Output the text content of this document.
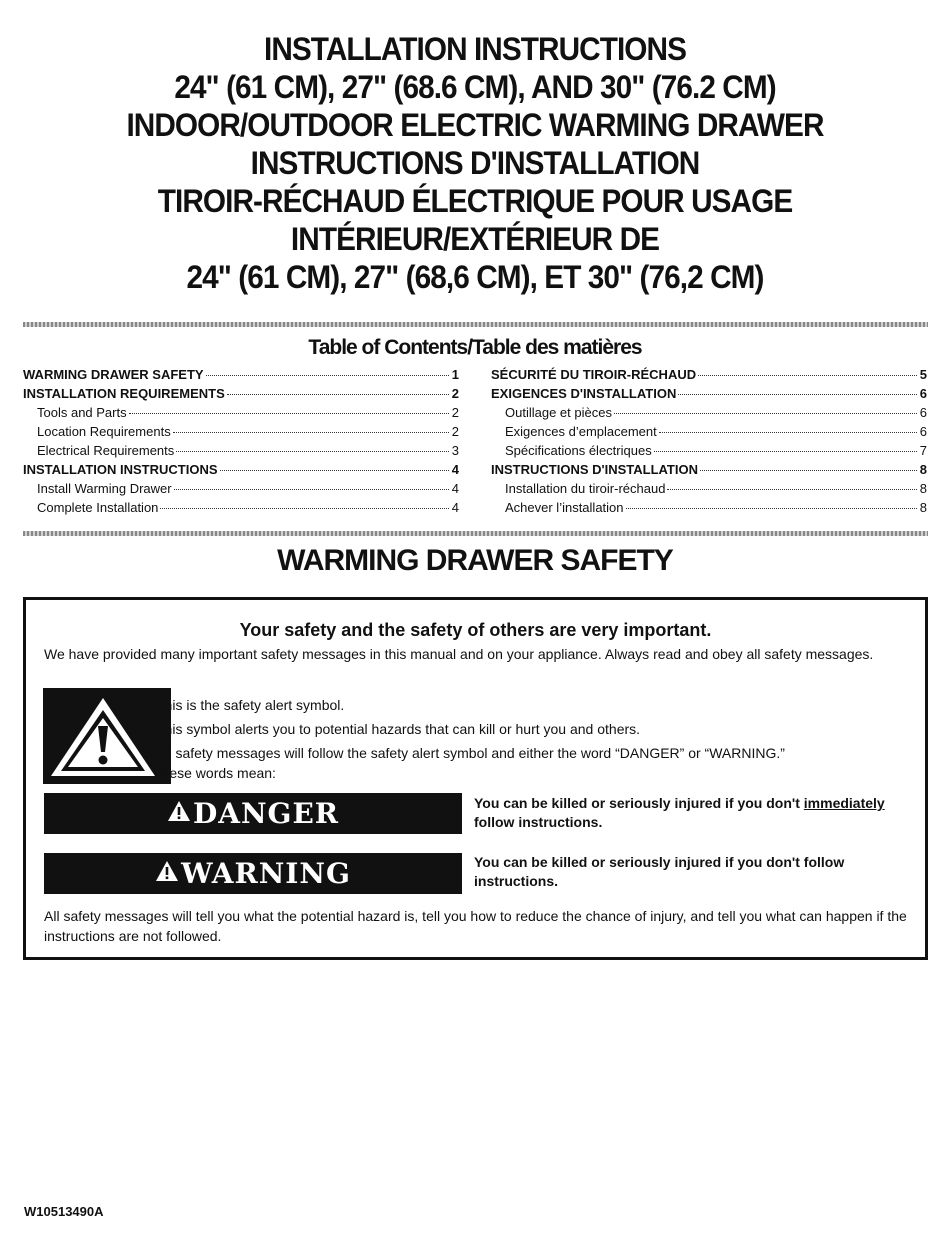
INSTALLATION INSTRUCTIONS
24" (61 CM), 27" (68.6 CM), AND 30" (76.2 CM)
INDOOR/OUTDOOR ELECTRIC WARMING DRAWER
INSTRUCTIONS D'INSTALLATION
TIROIR-RÉCHAUD ÉLECTRIQUE POUR USAGE
INTÉRIEUR/EXTÉRIEUR DE
24" (61 CM), 27" (68,6 CM), ET 30" (76,2 CM)
Table of Contents/Table des matières
WARMING DRAWER SAFETY	1
INSTALLATION REQUIREMENTS	2
Tools and Parts	2
Location Requirements	2
Electrical Requirements	3
INSTALLATION INSTRUCTIONS	4
Install Warming Drawer	4
Complete Installation	4
SÉCURITÉ DU TIROIR-RÉCHAUD	5
EXIGENCES D'INSTALLATION	6
Outillage et pièces	6
Exigences d’emplacement	6
Spécifications électriques	7
INSTRUCTIONS D'INSTALLATION	8
Installation du tiroir-réchaud	8
Achever l’installation	8
WARMING DRAWER SAFETY
Your safety and the safety of others are very important.
We have provided many important safety messages in this manual and on your appliance. Always read and obey all safety messages.
This is the safety alert symbol.
This symbol alerts you to potential hazards that can kill or hurt you and others.
All safety messages will follow the safety alert symbol and either the word “DANGER” or “WARNING.”
These words mean:
DANGER	You can be killed or seriously injured if you don't immediately follow instructions.
WARNING	You can be killed or seriously injured if you don't follow instructions.
All safety messages will tell you what the potential hazard is, tell you how to reduce the chance of injury, and tell you what can happen if the instructions are not followed.
W10513490A
